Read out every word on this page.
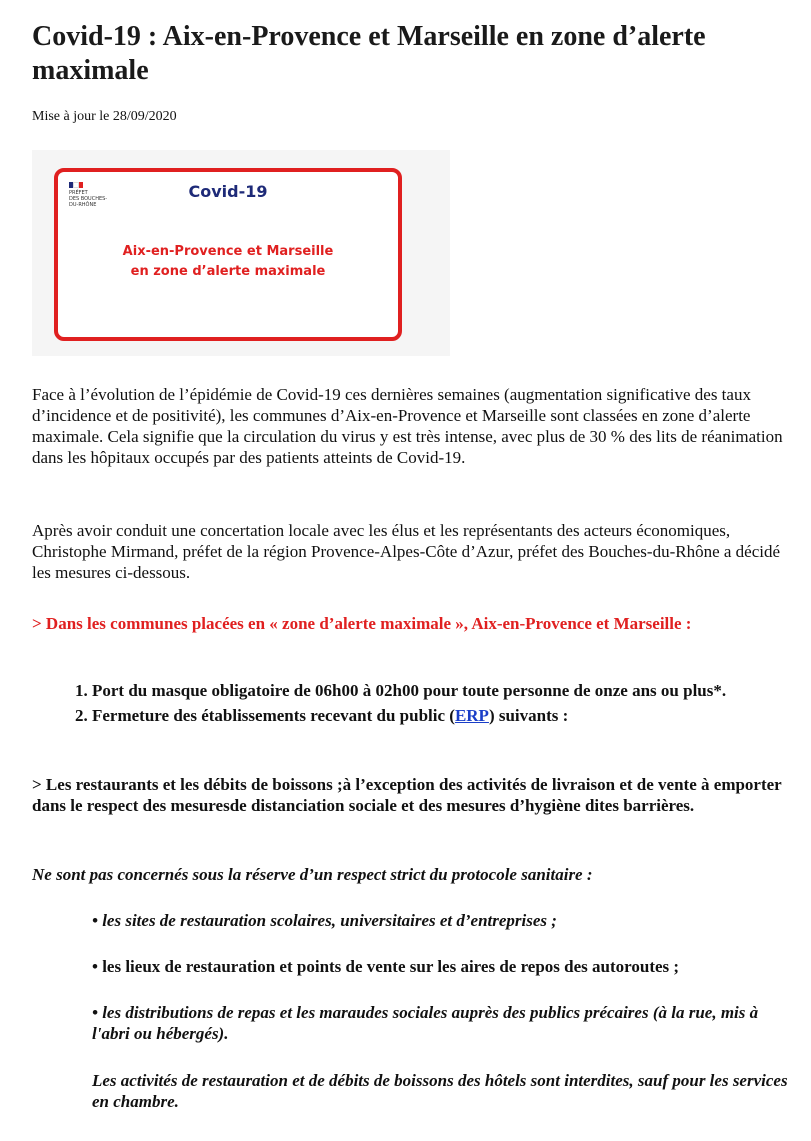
Covid-19 : Aix-en-Provence et Marseille en zone d’alerte maximale
Mise à jour le 28/09/2020
PRÉFET
DES BOUCHES-
DU-RHÔNE
Covid-19
Aix-en-Provence et Marseille
en zone d’alerte maximale
Face à l’évolution de l’épidémie de Covid-19 ces dernières semaines (augmentation significative des taux d’incidence et de positivité), les communes d’Aix-en-Provence et Marseille sont classées en zone d’alerte maximale. Cela signifie que la circulation du virus y est très intense, avec plus de 30 % des lits de réanimation dans les hôpitaux occupés par des patients atteints de Covid-19.
Après avoir conduit une concertation locale avec les élus et les représentants des acteurs économiques, Christophe Mirmand, préfet de la région Provence-Alpes-Côte d’Azur, préfet des Bouches-du-Rhône a décidé les mesures ci-dessous.
> Dans les communes placées en « zone d’alerte maximale », Aix-en-Provence et Marseille :
1. Port du masque obligatoire de 06h00 à 02h00 pour toute personne de onze ans ou plus*.
2. Fermeture des établissements recevant du public (ERP) suivants :
> Les restaurants et les débits de boissons ;à l’exception des activités de livraison et de vente à emporter dans le respect des mesuresde distanciation sociale et des mesures d’hygiène dites barrières.
Ne sont pas concernés sous la réserve d’un respect strict du protocole sanitaire :
• les sites de restauration scolaires, universitaires et d’entreprises ;
• les lieux de restauration et points de vente sur les aires de repos des autoroutes ;
• les distributions de repas et les maraudes sociales auprès des publics précaires (à la rue, mis à l'abri ou hébergés).
Les activités de restauration et de débits de boissons des hôtels sont interdites, sauf pour les services en chambre.
